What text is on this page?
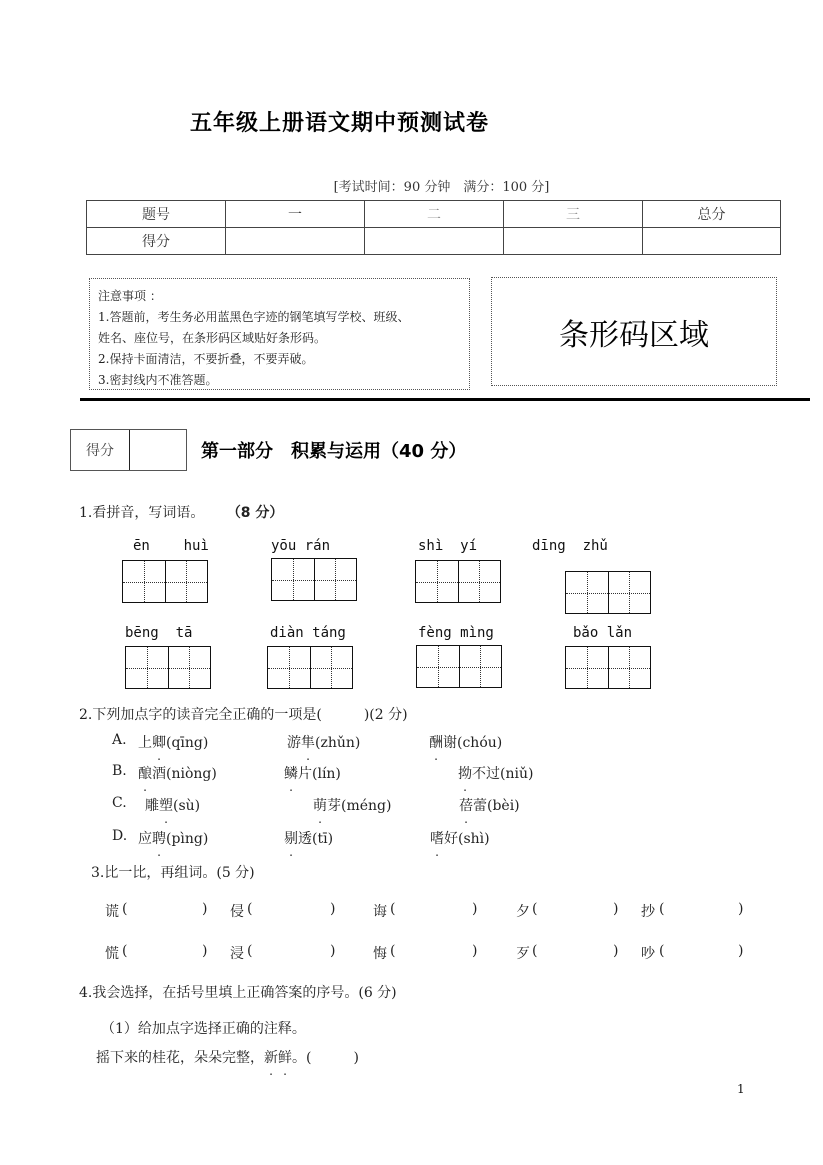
五年级上册语文期中预测试卷
[考试时间：90 分钟　满分：100 分]
题号	一	二	三	总分
得分				
注意事项 ：
1.答题前，考生务必用蓝黑色字迹的钢笔填写学校、班级、
姓名、座位号，在条形码区域贴好条形码。
2.保持卡面清洁，不要折叠，不要弄破。
3.密封线内不准答题。
条形码区域
得分	第一部分　积累与运用（40 分）
1.看拼音，写词语。 （8 分）
ēn    huì	yōu rán	shì  yí	dīng  zhǔ
bēng  tā	diàn táng	fèng mìng	bǎo lǎn
2.下列加点字的读音完全正确的一项是(　　　)(2 分)
A. 上卿(qīng)	游隼(zhǔn)	酬谢(chóu)
B. 酿酒(niòng)	鳞片(lín)	拗不过(niǔ)
C. 雕塑(sù)	萌芽(méng)	蓓蕾(bèi)
D. 应聘(pìng)	剔透(tī)	嗜好(shì)
3.比一比，再组词。(5 分)
谎 (	) 侵 (	)	诲 (	)	夕 (	) 抄 (	)
慌 (	) 浸 (	)	悔 (	)	歹 (	) 吵 (	)
4.我会选择，在括号里填上正确答案的序号。(6 分)
（1）给加点字选择正确的注释。
摇下来的桂花，朵朵完整，新鲜。(　　　)
1
